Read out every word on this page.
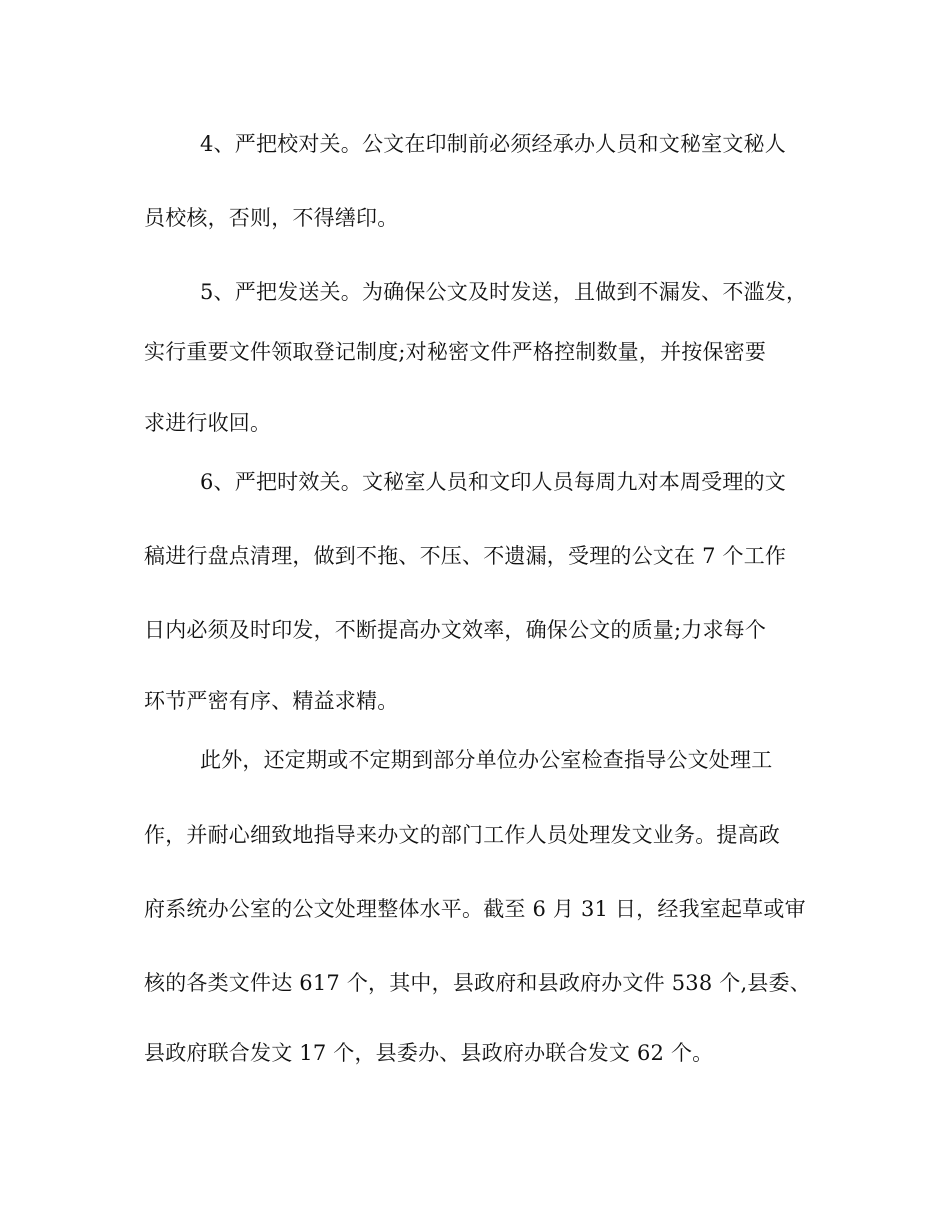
4、严把校对关。公文在印制前必须经承办人员和文秘室文秘人
员校核，否则，不得缮印。
5、严把发送关。为确保公文及时发送，且做到不漏发、不滥发，
实行重要文件领取登记制度;对秘密文件严格控制数量，并按保密要
求进行收回。
6、严把时效关。文秘室人员和文印人员每周九对本周受理的文
稿进行盘点清理，做到不拖、不压、不遗漏，受理的公文在 7 个工作
日内必须及时印发，不断提高办文效率，确保公文的质量;力求每个
环节严密有序、精益求精。
此外，还定期或不定期到部分单位办公室检查指导公文处理工
作，并耐心细致地指导来办文的部门工作人员处理发文业务。提高政
府系统办公室的公文处理整体水平。截至 6 月 31 日，经我室起草或审
核的各类文件达 617 个，其中，县政府和县政府办文件 538 个,县委、
县政府联合发文 17 个，县委办、县政府办联合发文 62 个。
